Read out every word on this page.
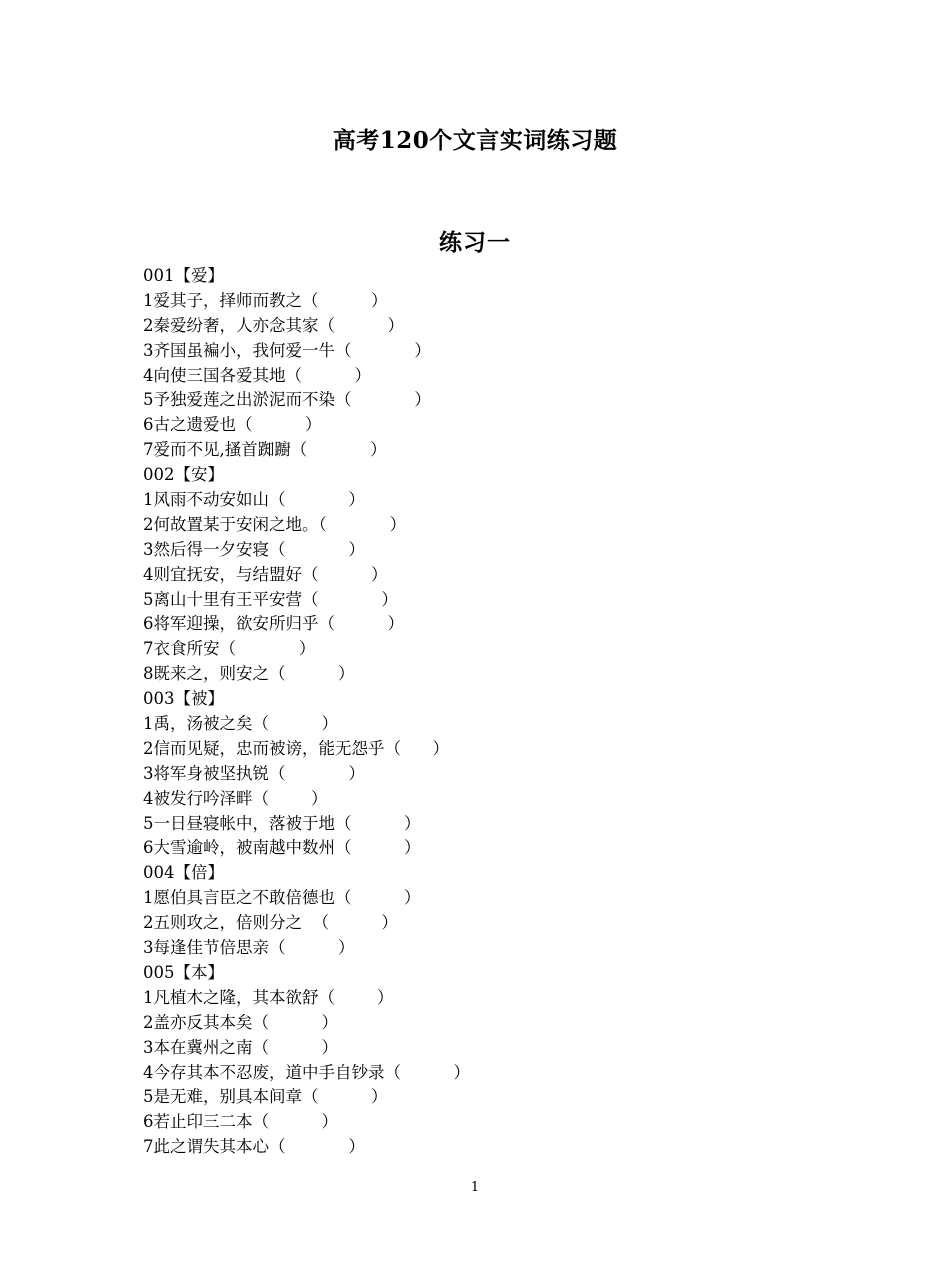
高考120个文言实词练习题
练习一
001【爱】
1爱其子，择师而教之（          ）
2秦爱纷奢，人亦念其家（          ）
3齐国虽褊小，我何爱一牛（            ）
4向使三国各爱其地（          ）
5予独爱莲之出淤泥而不染（            ）
6古之遗爱也（          ）
7爱而不见,搔首踟躕（            ）
002【安】
1风雨不动安如山（            ）
2何故置某于安闲之地。（            ）
3然后得一夕安寝（            ）
4则宜抚安，与结盟好（          ）
5离山十里有王平安营（            ）
6将军迎操，欲安所归乎（          ）
7衣食所安（            ）
8既来之，则安之（          ）
003【被】
1禹，汤被之矣（          ）
2信而见疑，忠而被谤，能无怨乎（      ）
3将军身被坚执锐（            ）
4被发行吟泽畔（        ）
5一日昼寝帐中，落被于地（          ）
6大雪逾岭，被南越中数州（          ）
004【倍】
1愿伯具言臣之不敢倍德也（          ）
2五则攻之，倍则分之  （          ）
3每逢佳节倍思亲（          ）
005【本】
1凡植木之隆，其本欲舒（        ）
2盖亦反其本矣（          ）
3本在冀州之南（          ）
4今存其本不忍废，道中手自钞录（          ）
5是无难，别具本间章（          ）
6若止印三二本（          ）
7此之谓失其本心（            ）
1
